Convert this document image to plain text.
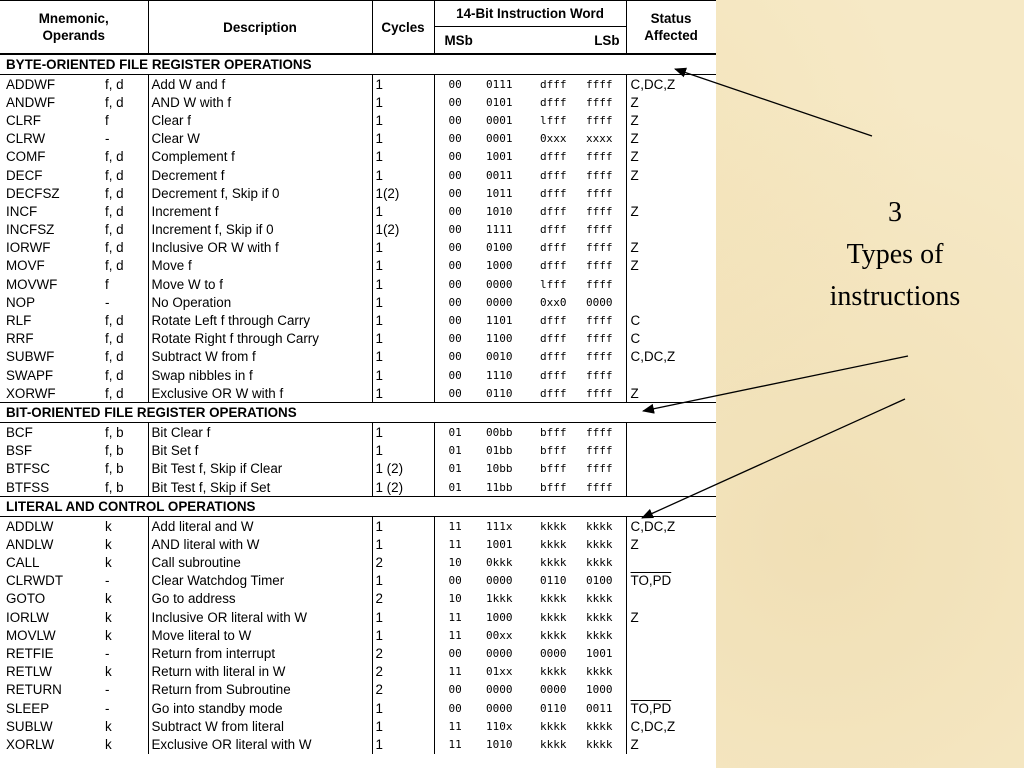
Mnemonic,
Operands		Description	Cycles	14-Bit Instruction Word				Status
Affected
				MSb			LSb	
BYTE-ORIENTED FILE REGISTER OPERATIONS								
ADDWF	f, d	Add W and f	1	00	0111	dfff	ffff	C,DC,Z
ANDWF	f, d	AND W with f	1	00	0101	dfff	ffff	Z
CLRF	f	Clear f	1	00	0001	lfff	ffff	Z
CLRW	-	Clear W	1	00	0001	0xxx	xxxx	Z
COMF	f, d	Complement f	1	00	1001	dfff	ffff	Z
DECF	f, d	Decrement f	1	00	0011	dfff	ffff	Z
DECFSZ	f, d	Decrement f, Skip if 0	1(2)	00	1011	dfff	ffff	
INCF	f, d	Increment f	1	00	1010	dfff	ffff	Z
INCFSZ	f, d	Increment f, Skip if 0	1(2)	00	1111	dfff	ffff	
IORWF	f, d	Inclusive OR W with f	1	00	0100	dfff	ffff	Z
MOVF	f, d	Move f	1	00	1000	dfff	ffff	Z
MOVWF	f	Move W to f	1	00	0000	lfff	ffff	
NOP	-	No Operation	1	00	0000	0xx0	0000	
RLF	f, d	Rotate Left f through Carry	1	00	1101	dfff	ffff	C
RRF	f, d	Rotate Right f through Carry	1	00	1100	dfff	ffff	C
SUBWF	f, d	Subtract W from f	1	00	0010	dfff	ffff	C,DC,Z
SWAPF	f, d	Swap nibbles in f	1	00	1110	dfff	ffff	
XORWF	f, d	Exclusive OR W with f	1	00	0110	dfff	ffff	Z
BIT-ORIENTED FILE REGISTER OPERATIONS								
BCF	f, b	Bit Clear f	1	01	00bb	bfff	ffff	
BSF	f, b	Bit Set f	1	01	01bb	bfff	ffff	
BTFSC	f, b	Bit Test f, Skip if Clear	1 (2)	01	10bb	bfff	ffff	
BTFSS	f, b	Bit Test f, Skip if Set	1 (2)	01	11bb	bfff	ffff	
LITERAL AND CONTROL OPERATIONS								
ADDLW	k	Add literal and W	1	11	111x	kkkk	kkkk	C,DC,Z
ANDLW	k	AND literal with W	1	11	1001	kkkk	kkkk	Z
CALL	k	Call subroutine	2	10	0kkk	kkkk	kkkk	
CLRWDT	-	Clear Watchdog Timer	1	00	0000	0110	0100	TO,PD
GOTO	k	Go to address	2	10	1kkk	kkkk	kkkk	
IORLW	k	Inclusive OR literal with W	1	11	1000	kkkk	kkkk	Z
MOVLW	k	Move literal to W	1	11	00xx	kkkk	kkkk	
RETFIE	-	Return from interrupt	2	00	0000	0000	1001	
RETLW	k	Return with literal in W	2	11	01xx	kkkk	kkkk	
RETURN	-	Return from Subroutine	2	00	0000	0000	1000	
SLEEP	-	Go into standby mode	1	00	0000	0110	0011	TO,PD
SUBLW	k	Subtract W from literal	1	11	110x	kkkk	kkkk	C,DC,Z
XORLW	k	Exclusive OR literal with W	1	11	1010	kkkk	kkkk	Z
3
Types of
instructions
